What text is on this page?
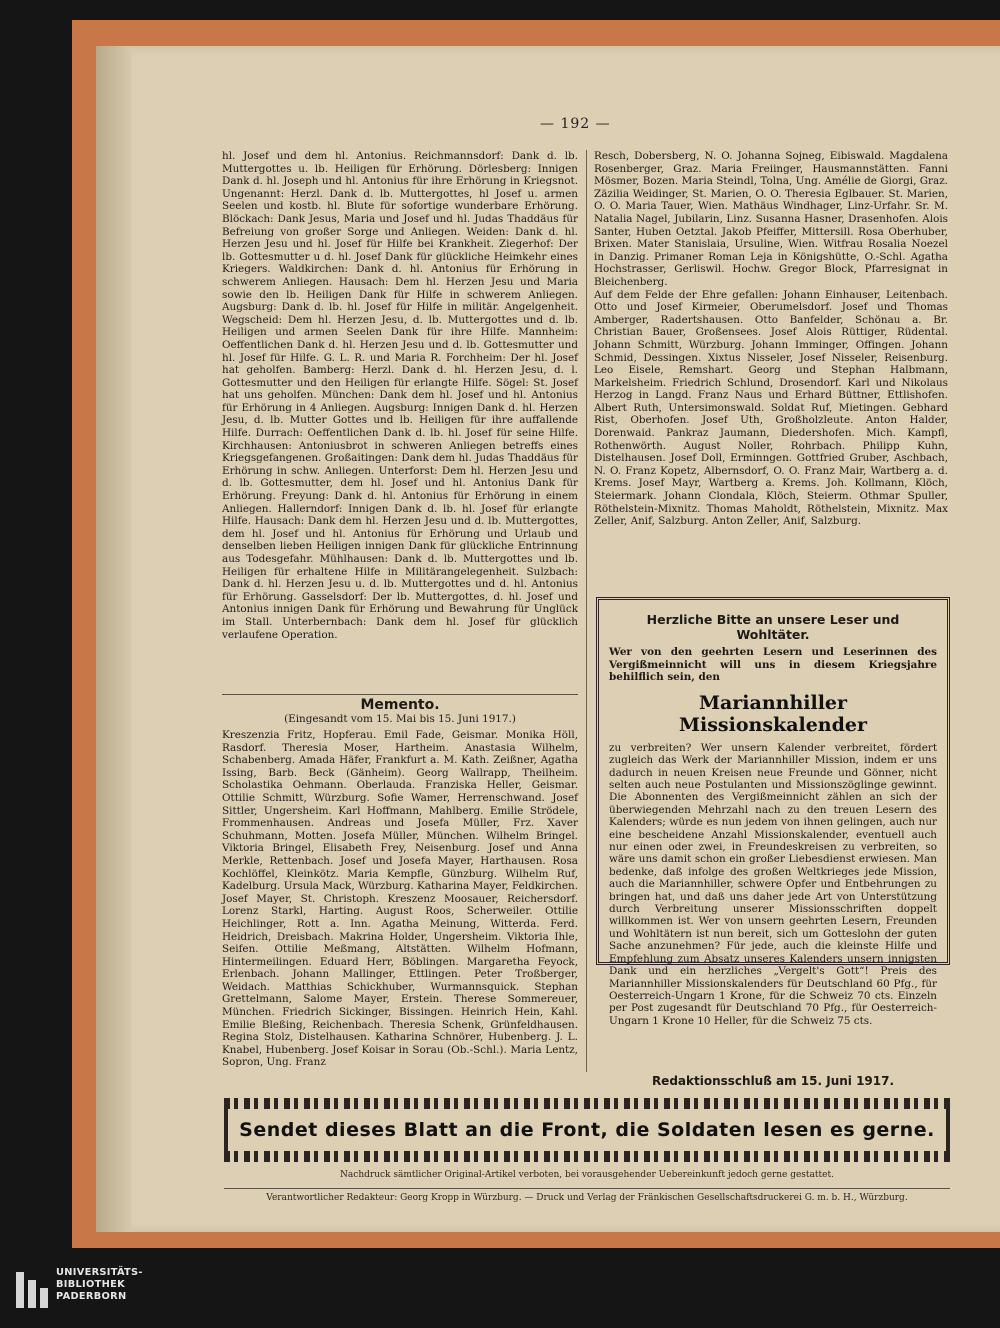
— 192 —

hl. Josef und dem hl. Antonius. Reichmannsdorf: Dank d. lb. Muttergottes u. lb. Heiligen für Erhörung. Dörlesberg: Innigen Dank d. hl. Joseph und hl. Antonius für ihre Erhörung in Kriegsnot. Ungenannt: Herzl. Dank d. lb. Muttergottes, hl Josef u. armen Seelen und kostb. hl. Blute für sofortige wunderbare Erhörung. Blöckach: Dank Jesus, Maria und Josef und hl. Judas Thaddäus für Befreiung von großer Sorge und Anliegen. Weiden: Dank d. hl. Herzen Jesu und hl. Josef für Hilfe bei Krankheit. Ziegerhof: Der lb. Gottesmutter u d. hl. Josef Dank für glückliche Heimkehr eines Kriegers. Waldkirchen: Dank d. hl. Antonius für Erhörung in schwerem Anliegen. Hausach: Dem hl. Herzen Jesu und Maria sowie den lb. Heiligen Dank für Hilfe in schwerem Anliegen. Augsburg: Dank d. lb. hl. Josef für Hilfe in militär. Angelgenheit. Wegscheid: Dem hl. Herzen Jesu, d. lb. Muttergottes und d. lb. Heiligen und armen Seelen Dank für ihre Hilfe. Mannheim: Oeffentlichen Dank d. hl. Herzen Jesu und d. lb. Gottesmutter und hl. Josef für Hilfe. G. L. R. und Maria R. Forchheim: Der hl. Josef hat geholfen. Bamberg: Herzl. Dank d. hl. Herzen Jesu, d. l. Gottesmutter und den Heiligen für erlangte Hilfe. Sögel: St. Josef hat uns geholfen. München: Dank dem hl. Josef und hl. Antonius für Erhörung in 4 Anliegen. Augsburg: Innigen Dank d. hl. Herzen Jesu, d. lb. Mutter Gottes und lb. Heiligen für ihre auffallende Hilfe. Durrach: Oeffentlichen Dank d. lb. hl. Josef für seine Hilfe. Kirchhausen: Antoniusbrot in schweren Anliegen betreffs eines Kriegsgefangenen. Großaitingen: Dank dem hl. Judas Thaddäus für Erhörung in schw. Anliegen. Unterforst: Dem hl. Herzen Jesu und d. lb. Gottesmutter, dem hl. Josef und hl. Antonius Dank für Erhörung. Freyung: Dank d. hl. Antonius für Erhörung in einem Anliegen. Hallerndorf: Innigen Dank d. lb. hl. Josef für erlangte Hilfe. Hausach: Dank dem hl. Herzen Jesu und d. lb. Muttergottes, dem hl. Josef und hl. Antonius für Erhörung und Urlaub und denselben lieben Heiligen innigen Dank für glückliche Entrinnung aus Todesgefahr. Mühlhausen: Dank d. lb. Muttergottes und lb. Heiligen für erhaltene Hilfe in Militärangelegenheit. Sulzbach: Dank d. hl. Herzen Jesu u. d. lb. Muttergottes und d. hl. Antonius für Erhörung. Gasselsdorf: Der lb. Muttergottes, d. hl. Josef und Antonius innigen Dank für Erhörung und Bewahrung für Unglück im Stall. Unterbernbach: Dank dem hl. Josef für glücklich verlaufene Operation.

Memento.
(Eingesandt vom 15. Mai bis 15. Juni 1917.)

Kreszenzia Fritz, Hopferau. Emil Fade, Geismar. Monika Höll, Rasdorf. Theresia Moser, Hartheim. Anastasia Wilhelm, Schabenberg. Amada Häfer, Frankfurt a. M. Kath. Zeißner, Agatha Issing, Barb. Beck (Gänheim). Georg Wallrapp, Theilheim. Scholastika Oehmann. Oberlauda. Franziska Heller, Geismar. Ottilie Schmitt, Würzburg. Sofie Wamer, Herrenschwand. Josef Sittler, Ungersheim. Karl Hoffmann, Mahlberg. Emilie Strödele, Frommenhausen. Andreas und Josefa Müller, Frz. Xaver Schuhmann, Motten. Josefa Müller, München. Wilhelm Bringel. Viktoria Bringel, Elisabeth Frey, Neisenburg. Josef und Anna Merkle, Rettenbach. Josef und Josefa Mayer, Harthausen. Rosa Kochlöffel, Kleinkötz. Maria Kempfle, Günzburg. Wilhelm Ruf, Kadelburg. Ursula Mack, Würzburg. Katharina Mayer, Feldkirchen. Josef Mayer, St. Christoph. Kreszenz Moosauer, Reichersdorf. Lorenz Starkl, Harting. August Roos, Scherweiler. Ottilie Heichlinger, Rott a. Inn. Agatha Meinung, Witterda. Ferd. Heidrich, Dreisbach. Makrina Holder, Ungersheim. Viktoria Ihle, Seifen. Ottilie Meßmang, Altstätten. Wilhelm Hofmann, Hintermeilingen. Eduard Herr, Böblingen. Margaretha Feyock, Erlenbach. Johann Mallinger, Ettlingen. Peter Troßberger, Weidach. Matthias Schickhuber, Wurmannsquick. Stephan Grettelmann, Salome Mayer, Erstein. Therese Sommereuer, München. Friedrich Sickinger, Bissingen. Heinrich Hein, Kahl. Emilie Bleßing, Reichenbach. Theresia Schenk, Grünfeldhausen. Regina Stolz, Distelhausen. Katharina Schnörer, Hubenberg. J. L. Knabel, Hubenberg. Josef Koisar in Sorau (Ob.-Schl.). Maria Lentz, Sopron, Ung. Franz

Resch, Dobersberg, N. O. Johanna Sojneg, Eibiswald. Magdalena Rosenberger, Graz. Maria Freiinger, Hausmannstätten. Fanni Mösmer, Bozen. Maria Steindl, Tolna, Ung. Amélie de Giorgi, Graz. Zäzilia Weidinger, St. Marien, O. O. Theresia Eglbauer. St. Marien, O. O. Maria Tauer, Wien. Mathäus Windhager, Linz-Urfahr. Sr. M. Natalia Nagel, Jubilarin, Linz. Susanna Hasner, Drasenhofen. Alois Santer, Huben Oetztal. Jakob Pfeiffer, Mittersill. Rosa Oberhuber, Brixen. Mater Stanislaia, Ursuline, Wien. Witfrau Rosalia Noezel in Danzig. Primaner Roman Leja in Königshütte, O.-Schl. Agatha Hochstrasser, Gerliswil. Hochw. Gregor Block, Pfarresignat in Bleichenberg.
Auf dem Felde der Ehre gefallen: Johann Einhauser, Leitenbach. Otto und Josef Kirmeier, Oberumelsdorf. Josef und Thomas Amberger, Radertshausen. Otto Banfelder, Schönau a. Br. Christian Bauer, Großensees. Josef Alois Rüttiger, Rüdental. Johann Schmitt, Würzburg. Johann Imminger, Offingen. Johann Schmid, Dessingen. Xixtus Nisseler, Josef Nisseler, Reisenburg. Leo Eisele, Remshart. Georg und Stephan Halbmann, Markelsheim. Friedrich Schlund, Drosendorf. Karl und Nikolaus Herzog in Langd. Franz Naus und Erhard Büttner, Ettlishofen. Albert Ruth, Untersimonswald. Soldat Ruf, Mietingen. Gebhard Rist, Oberhofen. Josef Uth, Großholzleute. Anton Halder, Dorenwaid. Pankraz Jaumann, Diedershofen. Mich. Kampfl, Rothenwörth. August Noller, Rohrbach. Philipp Kuhn, Distelhausen. Josef Doll, Erminngen. Gottfried Gruber, Aschbach, N. O. Franz Kopetz, Albernsdorf, O. O. Franz Mair, Wartberg a. d. Krems. Josef Mayr, Wartberg a. Krems. Joh. Kollmann, Klöch, Steiermark. Johann Clondala, Klöch, Steierm. Othmar Spuller, Röthelstein-Mixnitz. Thomas Maholdt, Röthelstein, Mixnitz. Max Zeller, Anif, Salzburg. Anton Zeller, Anif, Salzburg.

Herzliche Bitte an unsere Leser und Wohltäter.

Wer von den geehrten Lesern und Leserinnen des Vergißmeinnicht will uns in diesem Kriegsjahre behilflich sein, den

Mariannhiller Missionskalender

zu verbreiten? Wer unsern Kalender verbreitet, fördert zugleich das Werk der Mariannhiller Mission, indem er uns dadurch in neuen Kreisen neue Freunde und Gönner, nicht selten auch neue Postulanten und Missionszöglinge gewinnt. Die Abonnenten des Vergißmeinnicht zählen an sich der überwiegenden Mehrzahl nach zu den treuen Lesern des Kalenders; würde es nun jedem von ihnen gelingen, auch nur eine bescheidene Anzahl Missionskalender, eventuell auch nur einen oder zwei, in Freundeskreisen zu verbreiten, so wäre uns damit schon ein großer Liebesdienst erwiesen. Man bedenke, daß infolge des großen Weltkrieges jede Mission, auch die Mariannhiller, schwere Opfer und Entbehrungen zu bringen hat, und daß uns daher jede Art von Unterstützung durch Verbreitung unserer Missionsschriften doppelt willkommen ist. Wer von unsern geehrten Lesern, Freunden und Wohltätern ist nun bereit, sich um Gotteslohn der guten Sache anzunehmen? Für jede, auch die kleinste Hilfe und Empfehlung zum Absatz unseres Kalenders unsern innigsten Dank und ein herzliches „Vergelt's Gott“! Preis des Mariannhiller Missionskalenders für Deutschland 60 Pfg., für Oesterreich-Ungarn 1 Krone, für die Schweiz 70 cts. Einzeln per Post zugesandt für Deutschland 70 Pfg., für Oesterreich-Ungarn 1 Krone 10 Heller, für die Schweiz 75 cts.

Redaktionsschluß am 15. Juni 1917.
Sendet dieses Blatt an die Front, die Soldaten lesen es gerne.
Nachdruck sämtlicher Original-Artikel verboten, bei vorausgehender Uebereinkunft jedoch gerne gestattet.
Verantwortlicher Redakteur: Georg Kropp in Würzburg. — Druck und Verlag der Fränkischen Gesellschaftsdruckerei G. m. b. H., Würzburg.
UNIVERSITÄTS-
BIBLIOTHEK
PADERBORN
